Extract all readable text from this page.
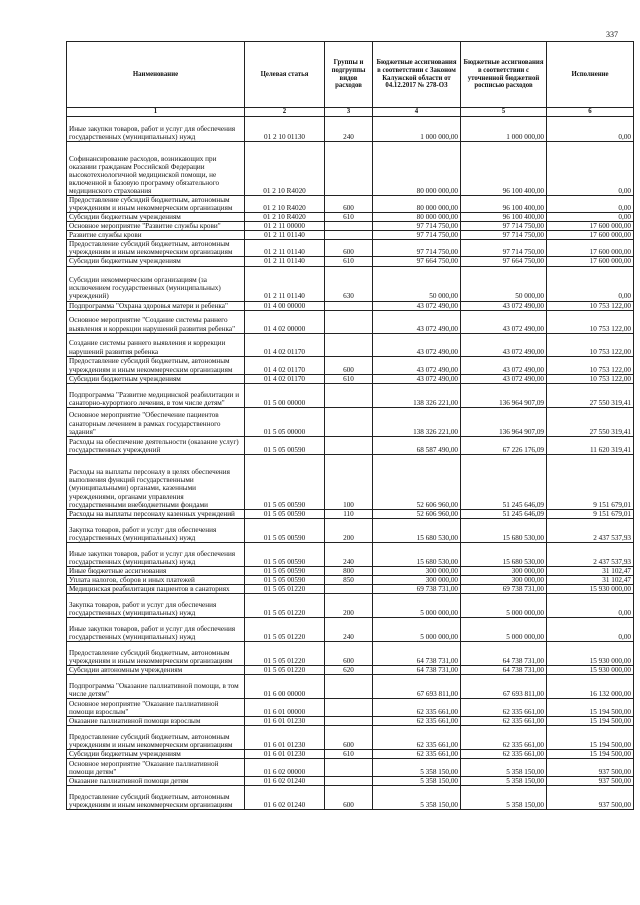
337
Наименование	Целевая статья	Группы и подгруппы видов расходов	Бюджетные ассигнования в соответствии с Законом Калужской области от 04.12.2017 № 278-ОЗ	Бюджетные ассигнования в соответствии с уточненной бюджетной росписью расходов	Исполнение
1	2	3	4	5	6
Иные закупки товаров, работ и услуг для обеспечения государственных (муниципальных) нужд	01 2 10 01130	240	1 000 000,00	1 000 000,00	0,00
Софинансирование расходов, возникающих при оказании гражданам Российской Федерации высокотехнологичной медицинской помощи, не включенной в базовую программу обязательного медицинского страхования	01 2 10 R4020		80 000 000,00	96 100 400,00	0,00
Предоставление субсидий бюджетным, автономным учреждениям и иным некоммерческим организациям	01 2 10 R4020	600	80 000 000,00	96 100 400,00	0,00
Субсидии бюджетным учреждениям	01 2 10 R4020	610	80 000 000,00	96 100 400,00	0,00
Основное мероприятие "Развитие службы крови"	01 2 11 00000		97 714 750,00	97 714 750,00	17 600 000,00
Развитие службы крови	01 2 11 01140		97 714 750,00	97 714 750,00	17 600 000,00
Предоставление субсидий бюджетным, автономным учреждениям и иным некоммерческим организациям	01 2 11 01140	600	97 714 750,00	97 714 750,00	17 600 000,00
Субсидии бюджетным учреждениям	01 2 11 01140	610	97 664 750,00	97 664 750,00	17 600 000,00
Субсидии некоммерческим организациям (за исключением государственных (муниципальных) учреждений)	01 2 11 01140	630	50 000,00	50 000,00	0,00
Подпрограмма "Охрана здоровья матери и ребенка"	01 4 00 00000		43 072 490,00	43 072 490,00	10 753 122,00
Основное мероприятие "Создание системы раннего выявления и коррекции нарушений развития ребенка"	01 4 02 00000		43 072 490,00	43 072 490,00	10 753 122,00
Создание системы раннего выявления и коррекции нарушений развития ребенка	01 4 02 01170		43 072 490,00	43 072 490,00	10 753 122,00
Предоставление субсидий бюджетным, автономным учреждениям и иным некоммерческим организациям	01 4 02 01170	600	43 072 490,00	43 072 490,00	10 753 122,00
Субсидии бюджетным учреждениям	01 4 02 01170	610	43 072 490,00	43 072 490,00	10 753 122,00
Подпрограмма "Развитие медицинской реабилитации и санаторно-курортного лечения, в том числе детям"	01 5 00 00000		138 326 221,00	136 964 907,09	27 550 319,41
Основное мероприятие "Обеспечение пациентов санаторным лечением в рамках государственного задания"	01 5 05 00000		138 326 221,00	136 964 907,09	27 550 319,41
Расходы на обеспечение деятельности (оказание услуг) государственных учреждений	01 5 05 00590		68 587 490,00	67 226 176,09	11 620 319,41
Расходы на выплаты персоналу в целях обеспечения выполнения функций государственными (муниципальными) органами, казенными учреждениями, органами управления государственными внебюджетными фондами	01 5 05 00590	100	52 606 960,00	51 245 646,09	9 151 679,01
Расходы на выплаты персоналу казенных учреждений	01 5 05 00590	110	52 606 960,00	51 245 646,09	9 151 679,01
Закупка товаров, работ и услуг для обеспечения государственных (муниципальных) нужд	01 5 05 00590	200	15 680 530,00	15 680 530,00	2 437 537,93
Иные закупки товаров, работ и услуг для обеспечения государственных (муниципальных) нужд	01 5 05 00590	240	15 680 530,00	15 680 530,00	2 437 537,93
Иные бюджетные ассигнования	01 5 05 00590	800	300 000,00	300 000,00	31 102,47
Уплата налогов, сборов и иных платежей	01 5 05 00590	850	300 000,00	300 000,00	31 102,47
Медицинская реабилитация пациентов в санаториях	01 5 05 01220		69 738 731,00	69 738 731,00	15 930 000,00
Закупка товаров, работ и услуг для обеспечения государственных (муниципальных) нужд	01 5 05 01220	200	5 000 000,00	5 000 000,00	0,00
Иные закупки товаров, работ и услуг для обеспечения государственных (муниципальных) нужд	01 5 05 01220	240	5 000 000,00	5 000 000,00	0,00
Предоставление субсидий бюджетным, автономным учреждениям и иным некоммерческим организациям	01 5 05 01220	600	64 738 731,00	64 738 731,00	15 930 000,00
Субсидии автономным учреждениям	01 5 05 01220	620	64 738 731,00	64 738 731,00	15 930 000,00
Подпрограмма "Оказание паллиативной помощи, в том числе детям"	01 6 00 00000		67 693 811,00	67 693 811,00	16 132 000,00
Основное мероприятие "Оказание паллиативной помощи взрослым"	01 6 01 00000		62 335 661,00	62 335 661,00	15 194 500,00
Оказание паллиативной помощи взрослым	01 6 01 01230		62 335 661,00	62 335 661,00	15 194 500,00
Предоставление субсидий бюджетным, автономным учреждениям и иным некоммерческим организациям	01 6 01 01230	600	62 335 661,00	62 335 661,00	15 194 500,00
Субсидии бюджетным учреждениям	01 6 01 01230	610	62 335 661,00	62 335 661,00	15 194 500,00
Основное мероприятие "Оказание паллиативной помощи детям"	01 6 02 00000		5 358 150,00	5 358 150,00	937 500,00
Оказание паллиативной помощи детям	01 6 02 01240		5 358 150,00	5 358 150,00	937 500,00
Предоставление субсидий бюджетным, автономным учреждениям и иным некоммерческим организациям	01 6 02 01240	600	5 358 150,00	5 358 150,00	937 500,00
